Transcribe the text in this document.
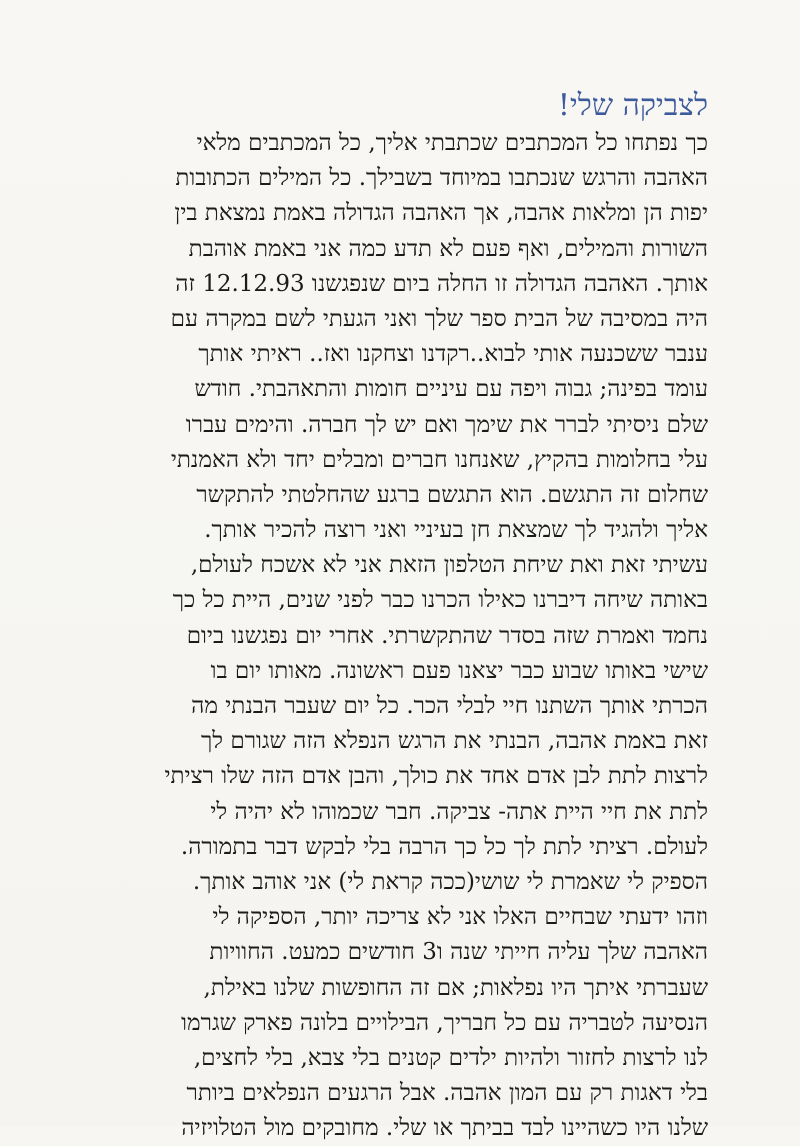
לצביקה שלי!
כך נפתחו כל המכתבים שכתבתי אליך, כל המכתבים מלאי
האהבה והרגש שנכתבו במיוחד בשבילך. כל המילים הכתובות
יפות הן ומלאות אהבה, אך האהבה הגדולה באמת נמצאת בין
השורות והמילים, ואף פעם לא תדע כמה אני באמת אוהבת
אותך. האהבה הגדולה זו החלה ביום שנפגשנו 12.12.93 זה
היה במסיבה של הבית ספר שלך ואני הגעתי לשם במקרה עם
ענבר ששכנעה אותי לבוא..רקדנו וצחקנו ואז.. ראיתי אותך
עומד בפינה; גבוה ויפה עם עיניים חומות והתאהבתי. חודש
שלם ניסיתי לברר את שימך ואם יש לך חברה. והימים עברו
עלי בחלומות בהקיץ, שאנחנו חברים ומבלים יחד ולא האמנתי
שחלום זה התגשם. הוא התגשם ברגע שהחלטתי להתקשר
אליך ולהגיד לך שמצאת חן בעיניי ואני רוצה להכיר אותך.
עשיתי זאת ואת שיחת הטלפון הזאת אני לא אשכח לעולם,
באותה שיחה דיברנו כאילו הכרנו כבר לפני שנים, היית כל כך
נחמד ואמרת שזה בסדר שהתקשרתי. אחרי יום נפגשנו ביום
שישי באותו שבוע כבר יצאנו פעם ראשונה. מאותו יום בו
הכרתי אותך השתנו חיי לבלי הכר. כל יום שעבר הבנתי מה
זאת באמת אהבה, הבנתי את הרגש הנפלא הזה שגורם לך
לרצות לתת לבן אדם אחד את כולך, והבן אדם הזה שלו רציתי
לתת את חיי היית אתה- צביקה. חבר שכמוהו לא יהיה לי
לעולם. רציתי לתת לך כל כך הרבה בלי לבקש דבר בתמורה.
הספיק לי שאמרת לי שושי(ככה קראת לי) אני אוהב אותך.
וזהו ידעתי שבחיים האלו אני לא צריכה יותר, הספיקה לי
האהבה שלך עליה חייתי שנה ו3 חודשים כמעט. החוויות
שעברתי איתך היו נפלאות; אם זה החופשות שלנו באילת,
הנסיעה לטבריה עם כל חבריך, הבילויים בלונה פארק שגרמו
לנו לרצות לחזור ולהיות ילדים קטנים בלי צבא, בלי לחצים,
בלי דאגות רק עם המון אהבה. אבל הרגעים הנפלאים ביותר
שלנו היו כשהיינו לבד בביתך או שלי. מחובקים מול הטלויזיה
